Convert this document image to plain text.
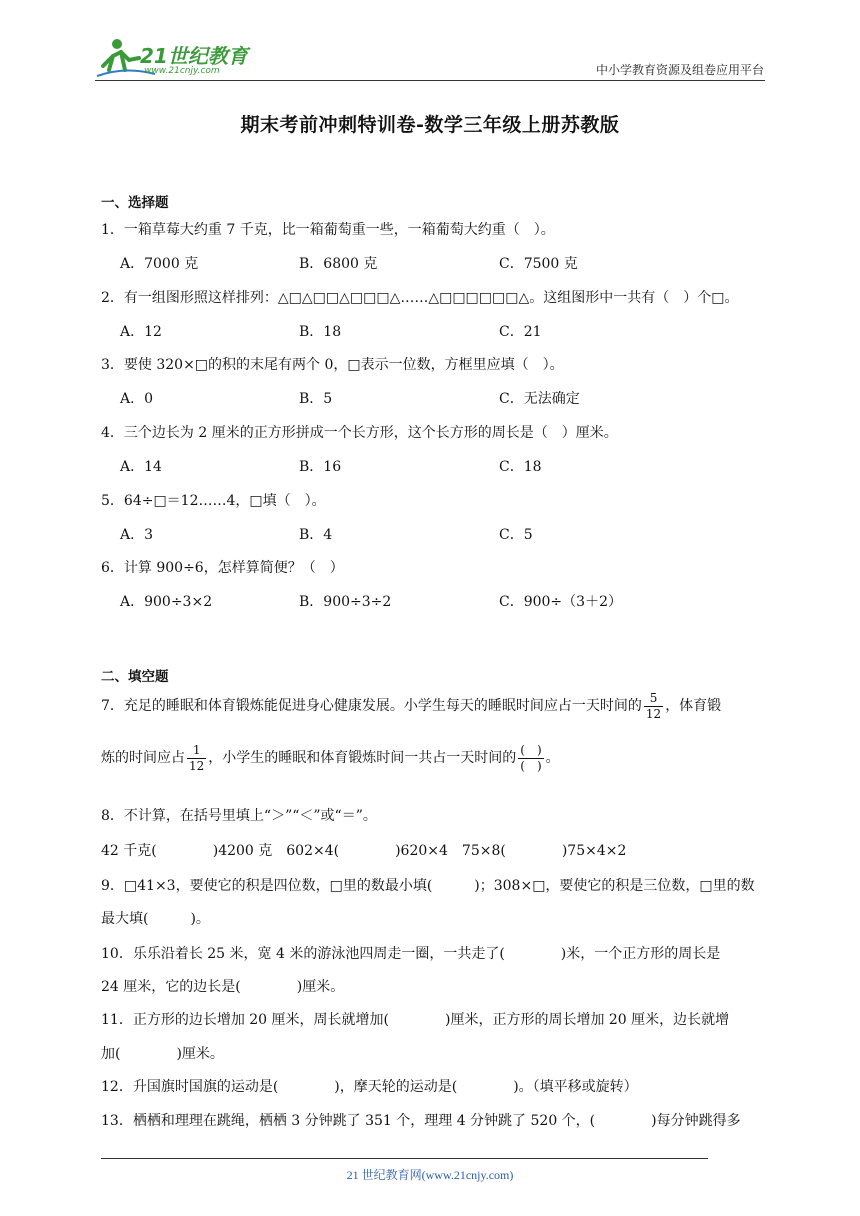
21世纪教育
www.21cnjy.com	中小学教育资源及组卷应用平台
期末考前冲刺特训卷-数学三年级上册苏教版
一、选择题
1．一箱草莓大约重 7 千克，比一箱葡萄重一些，一箱葡萄大约重（　）。
A．7000 克	B．6800 克	C．7500 克
2．有一组图形照这样排列：△□△□□△□□□△……△□□□□□□△。这组图形中一共有（　）个□。
A．12	B．18	C．21
3．要使 320×□的积的末尾有两个 0，□表示一位数，方框里应填（　）。
A．0	B．5	C．无法确定
4．三个边长为 2 厘米的正方形拼成一个长方形，这个长方形的周长是（　）厘米。
A．14	B．16	C．18
5．64÷□＝12……4，□填（　）。
A．3	B．4	C．5
6．计算 900÷6，怎样算简便？（　）
A．900÷3×2	B．900÷3÷2	C．900÷（3＋2）
二、填空题
7．充足的睡眠和体育锻炼能促进身心健康发展。小学生每天的睡眠时间应占一天时间的 $\frac{5}{12}$ ，体育锻
炼的时间应占 $\frac{1}{12}$ ，小学生的睡眠和体育锻炼时间一共占一天时间的 $\frac{( )}{( )}$ 。
8．不计算，在括号里填上“＞”“＜”或“＝”。
42 千克(　　　　)4200 克　602×4(　　　　)620×4　75×8(　　　　)75×4×2
9．□41×3，要使它的积是四位数，□里的数最小填(　　　)；308×□，要使它的积是三位数，□里的数
最大填(　　　)。
10．乐乐沿着长 25 米，宽 4 米的游泳池四周走一圈，一共走了(　　　　)米，一个正方形的周长是
24 厘米，它的边长是(　　　　)厘米。
11．正方形的边长增加 20 厘米，周长就增加(　　　　)厘米，正方形的周长增加 20 厘米，边长就增
加(　　　　)厘米。
12．升国旗时国旗的运动是(　　　　)，摩天轮的运动是(　　　　)。（填平移或旋转）
13．栖栖和理理在跳绳，栖栖 3 分钟跳了 351 个，理理 4 分钟跳了 520 个，(　　　　)每分钟跳得多
21 世纪教育网(www.21cnjy.com)
